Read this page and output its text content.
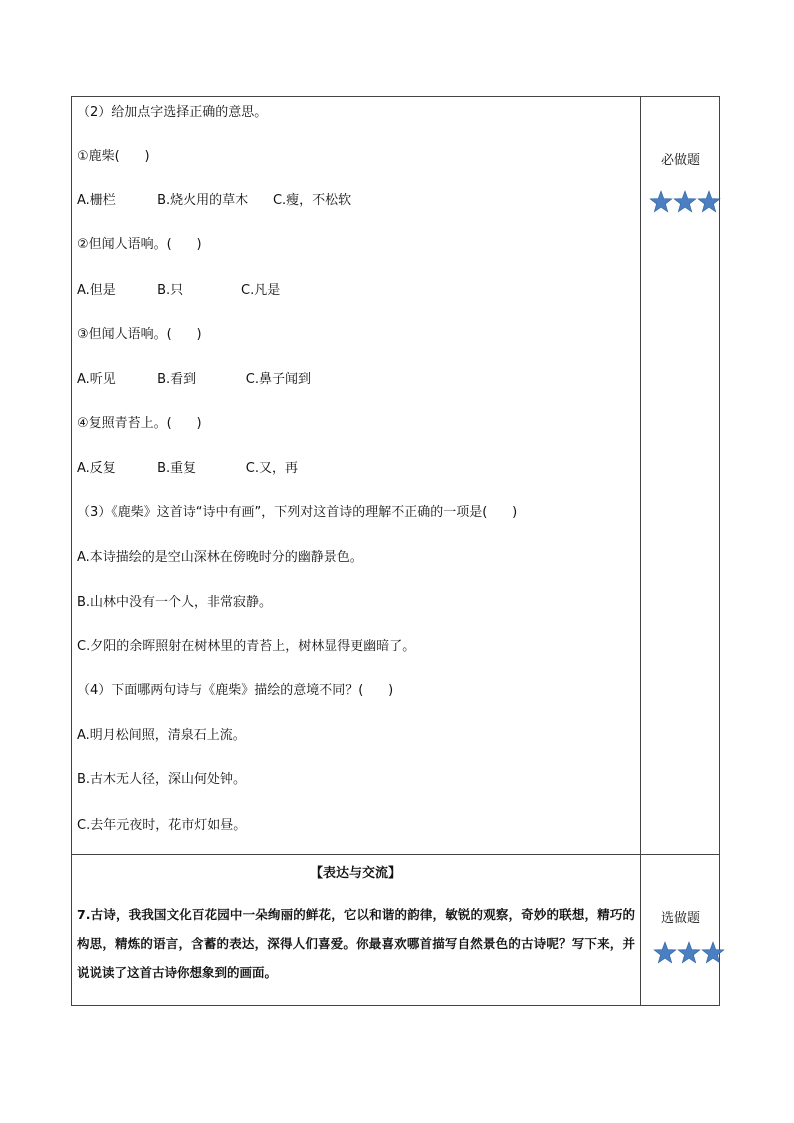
（2）给加点字选择正确的意思。
①鹿柴(      )
A.栅栏          B.烧火用的草木      C.瘦，不松软
②但闻人语响。(      )
A.但是          B.只              C.凡是
③但闻人语响。(      )
A.听见          B.看到            C.鼻子闻到
④复照青苔上。(      )
A.反复          B.重复            C.又，再
（3）《鹿柴》这首诗“诗中有画”，下列对这首诗的理解不正确的一项是(      )
A.本诗描绘的是空山深林在傍晚时分的幽静景色。
B.山林中没有一个人，非常寂静。
C.夕阳的余晖照射在树林里的青苔上，树林显得更幽暗了。
（4）下面哪两句诗与《鹿柴》描绘的意境不同？(      )
A.明月松间照，清泉石上流。
B.古木无人径，深山何处钟。
C.去年元夜时，花市灯如昼。
必做题
选做题
【表达与交流】
7.古诗，我我国文化百花园中一朵绚丽的鲜花，它以和谐的韵律，敏锐的观察，奇妙的联想，精巧的构思，精炼的语言，含蓄的表达，深得人们喜爱。你最喜欢哪首描写自然景色的古诗呢？写下来，并说说读了这首古诗你想象到的画面。
